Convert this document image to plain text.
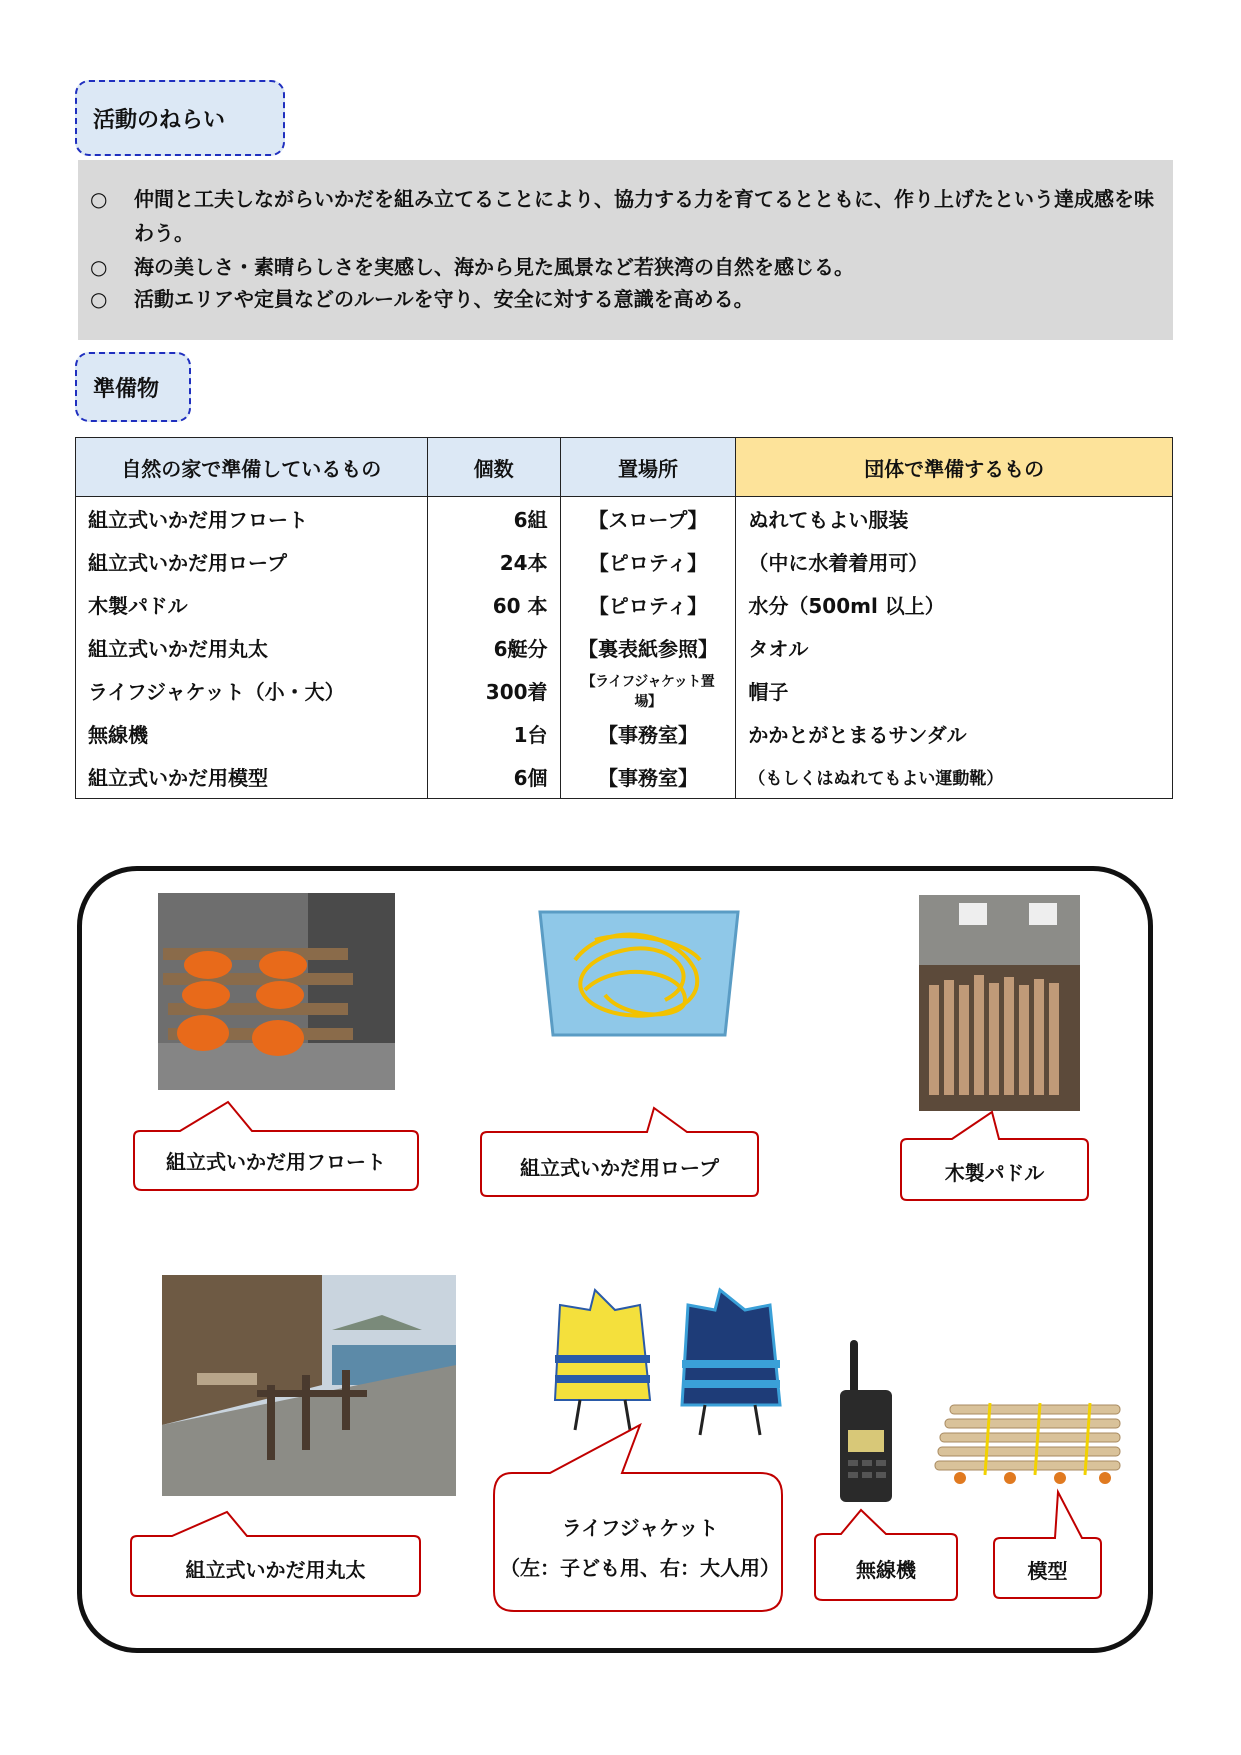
活動のねらい
○ 仲間と工夫しながらいかだを組み立てることにより、協力する力を育てるとともに、作り上げたという達成感を味わう。
○ 海の美しさ・素晴らしさを実感し、海から見た風景など若狭湾の自然を感じる。
○ 活動エリアや定員などのルールを守り、安全に対する意識を高める。
準備物
自然の家で準備しているもの	個数	置場所	団体で準備するもの
組立式いかだ用フロート	6組	【スロープ】	ぬれてもよい服装
組立式いかだ用ロープ	24本	【ピロティ】	（中に水着着用可）
木製パドル	60 本	【ピロティ】	水分（500ml 以上）
組立式いかだ用丸太	6艇分	【裏表紙参照】	タオル
ライフジャケット（小・大）	300着	【ライフジャケット置場】	帽子
無線機	1台	【事務室】	かかとがとまるサンダル
組立式いかだ用模型	6個	【事務室】	（もしくはぬれてもよい運動靴）
組立式いかだ用フロート	組立式いかだ用ロープ	木製パドル
組立式いかだ用丸太
ライフジャケット
（左：子ども用、右：大人用）	無線機	模型
